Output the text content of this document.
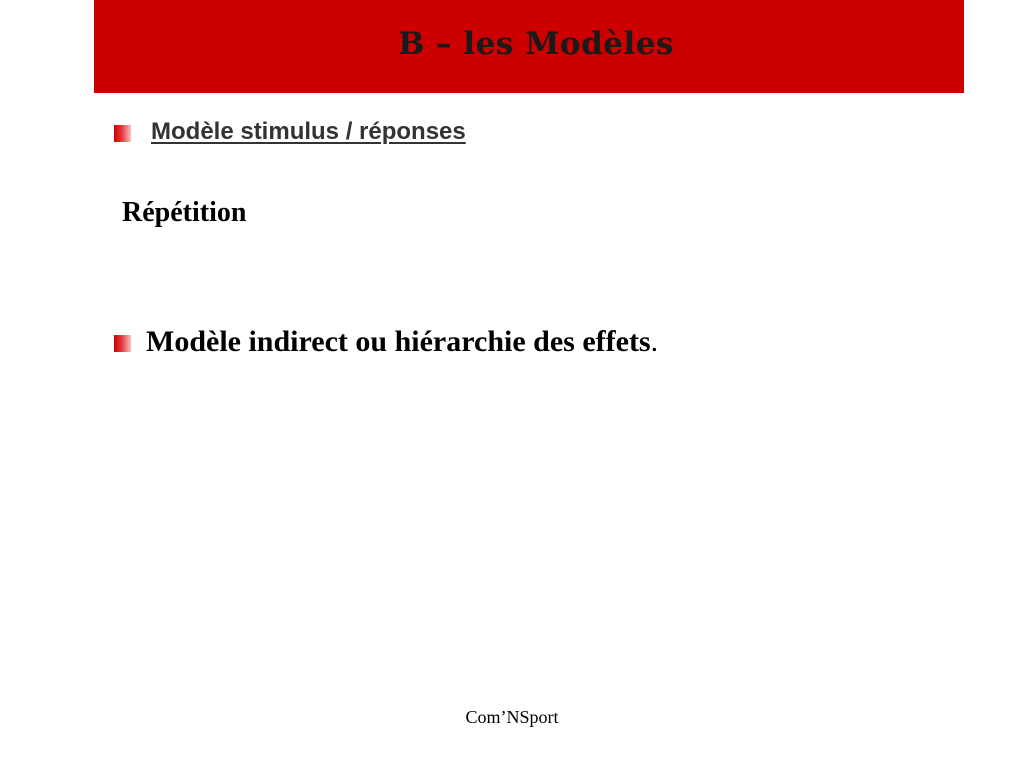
B – les Modèles
Modèle stimulus / réponses
Répétition
Modèle indirect ou hiérarchie des effets.
Com’NSport
